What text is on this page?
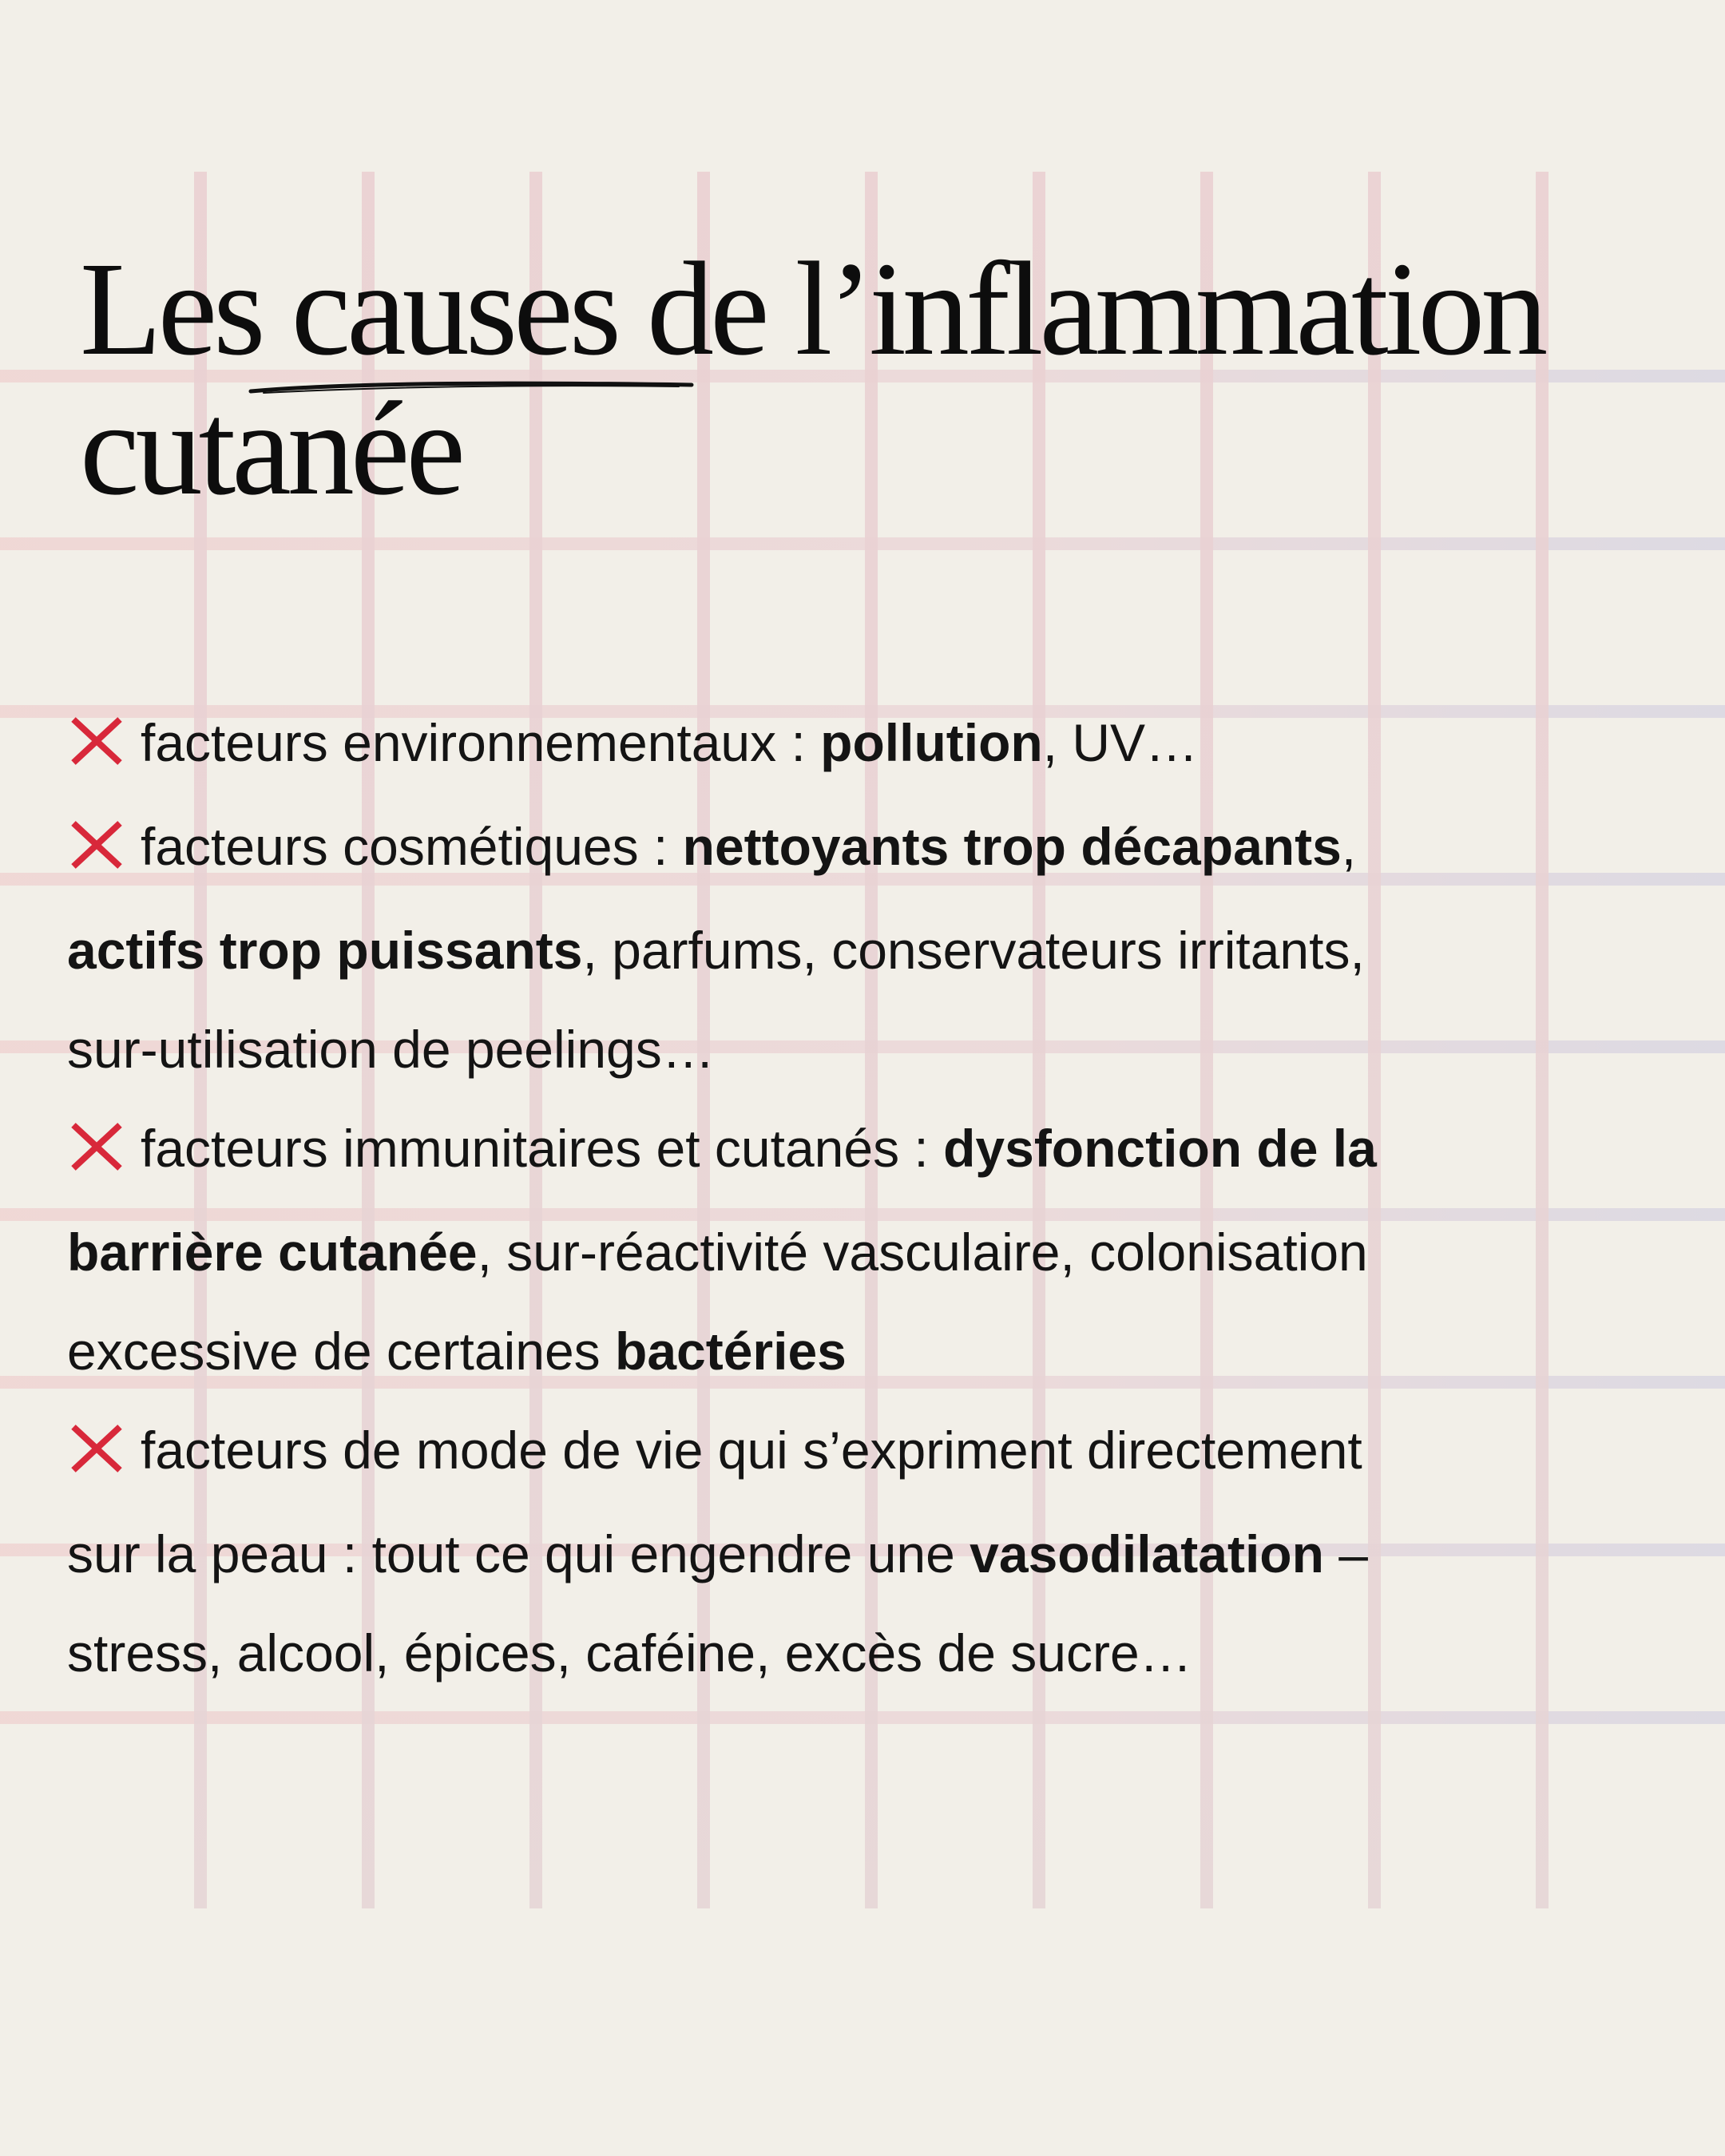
Les causes de l’inflammation
cutanée
facteurs environnementaux : pollution, UV…
facteurs cosmétiques : nettoyants trop décapants,
actifs trop puissants, parfums, conservateurs irritants,
sur-utilisation de peelings…
facteurs immunitaires et cutanés : dysfonction de la
barrière cutanée, sur-réactivité vasculaire, colonisation
excessive de certaines bactéries
facteurs de mode de vie qui s’expriment directement
sur la peau : tout ce qui engendre une vasodilatation –
stress, alcool, épices, caféine, excès de sucre…
